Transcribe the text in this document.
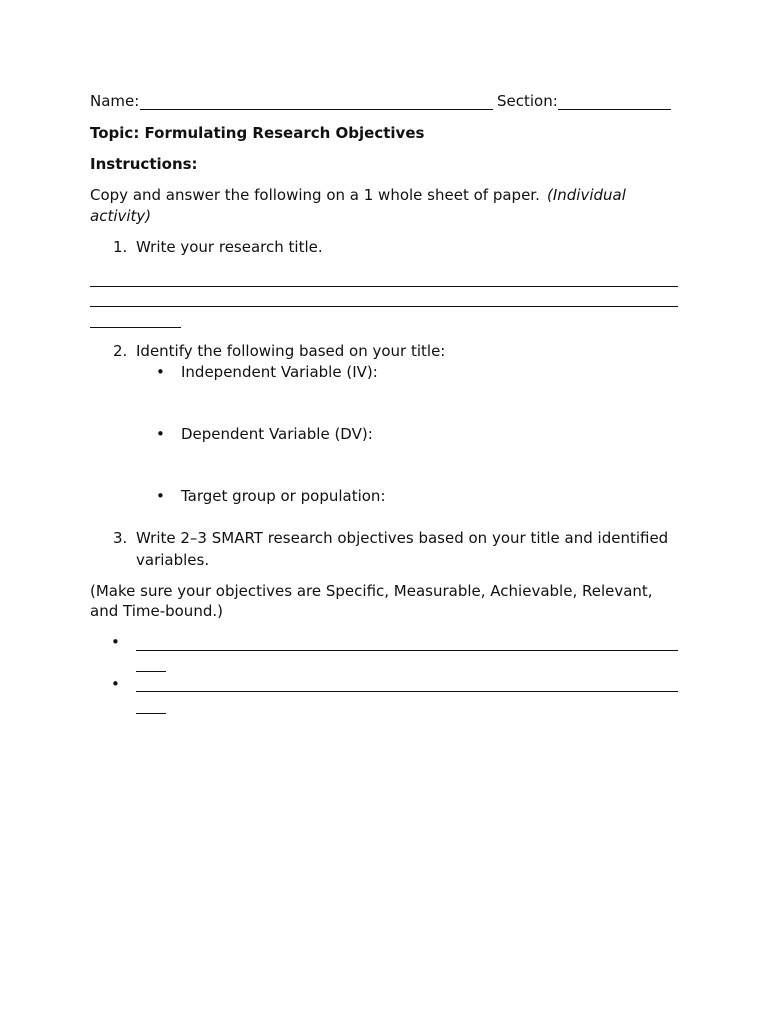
Name:	Section:
Topic: Formulating Research Objectives
Instructions:
Copy and answer the following on a 1 whole sheet of paper. (Individual
activity)
1. Write your research title.
2. Identify the following based on your title:
• Independent Variable (IV):
• Dependent Variable (DV):
• Target group or population:
3. Write 2–3 SMART research objectives based on your title and identified
variables.
(Make sure your objectives are Specific, Measurable, Achievable, Relevant,
and Time-bound.)
•
•
